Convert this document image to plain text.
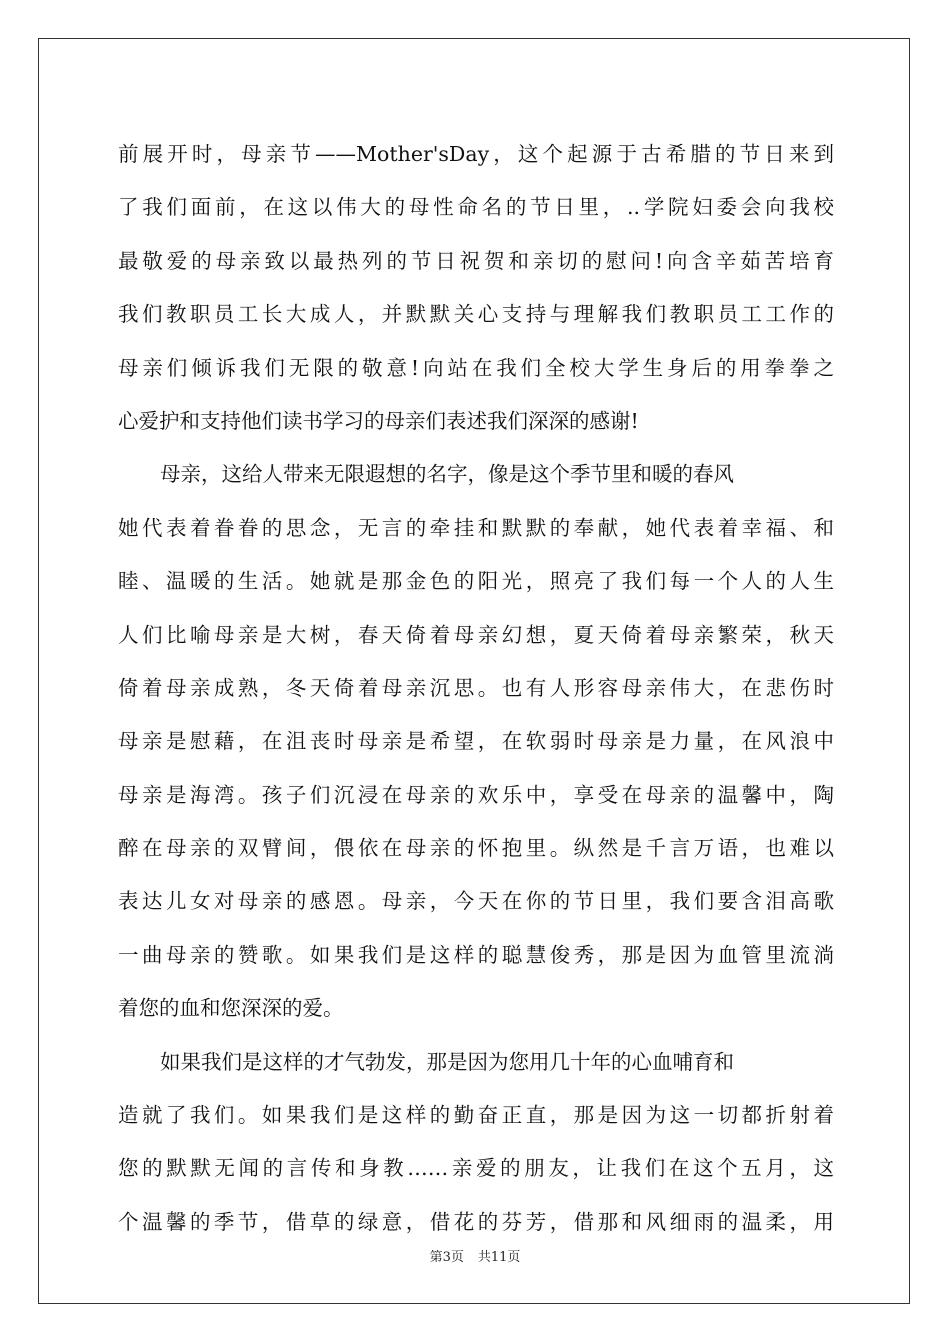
前展开时，母亲节——Mother'sDay，这个起源于古希腊的节日来到
了我们面前，在这以伟大的母性命名的节日里，..学院妇委会向我校
最敬爱的母亲致以最热列的节日祝贺和亲切的慰问!向含辛茹苦培育
我们教职员工长大成人，并默默关心支持与理解我们教职员工工作的
母亲们倾诉我们无限的敬意!向站在我们全校大学生身后的用拳拳之
心爱护和支持他们读书学习的母亲们表述我们深深的感谢!
母亲，这给人带来无限遐想的名字，像是这个季节里和暖的春风
她代表着眷眷的思念，无言的牵挂和默默的奉献，她代表着幸福、和
睦、温暖的生活。她就是那金色的阳光，照亮了我们每一个人的人生
人们比喻母亲是大树，春天倚着母亲幻想，夏天倚着母亲繁荣，秋天
倚着母亲成熟，冬天倚着母亲沉思。也有人形容母亲伟大，在悲伤时
母亲是慰藉，在沮丧时母亲是希望，在软弱时母亲是力量，在风浪中
母亲是海湾。孩子们沉浸在母亲的欢乐中，享受在母亲的温馨中，陶
醉在母亲的双臂间，偎依在母亲的怀抱里。纵然是千言万语，也难以
表达儿女对母亲的感恩。母亲，今天在你的节日里，我们要含泪高歌
一曲母亲的赞歌。如果我们是这样的聪慧俊秀，那是因为血管里流淌
着您的血和您深深的爱。
如果我们是这样的才气勃发，那是因为您用几十年的心血哺育和
造就了我们。如果我们是这样的勤奋正直，那是因为这一切都折射着
您的默默无闻的言传和身教……亲爱的朋友，让我们在这个五月，这
个温馨的季节，借草的绿意，借花的芬芳，借那和风细雨的温柔，用
第3页 共11页
